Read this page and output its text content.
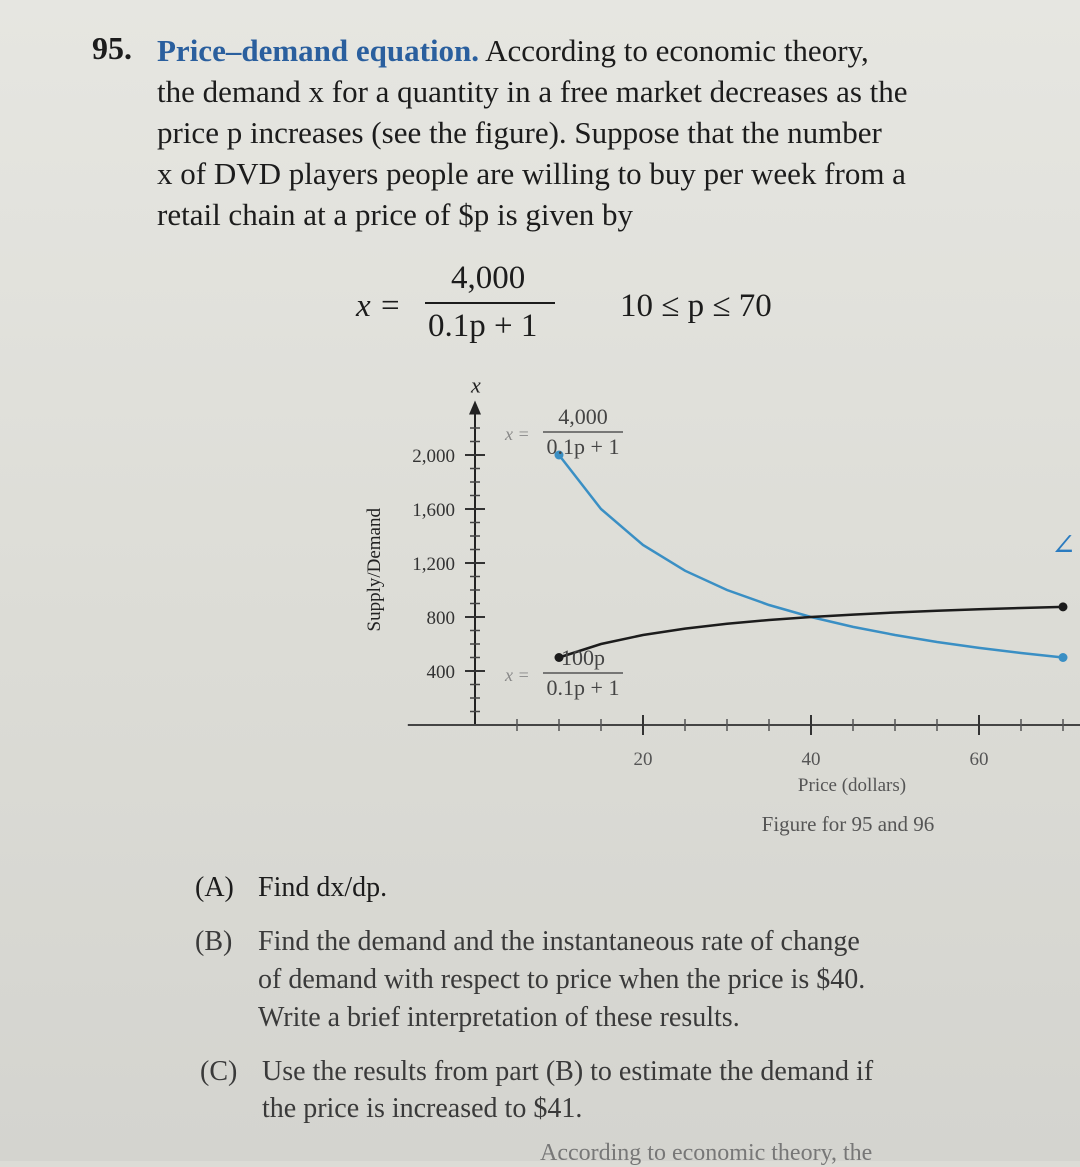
95. Price–demand equation. According to economic theory,
the demand x for a quantity in a free market decreases as the
price p increases (see the figure). Suppose that the number
x of DVD players people are willing to buy per week from a
retail chain at a price of $p is given by
x =
4,000
0.1p + 1
10 ≤ p ≤ 70
x
20	40	60
400
800
1,200
1,600
2,000
Price (dollars)
Supply/Demand
x =
4,000
0.1p + 1
x =
100p
0.1p + 1
Figure for 95 and 96
(A) Find dx/dp.
(B) Find the demand and the instantaneous rate of change
of demand with respect to price when the price is $40.
Write a brief interpretation of these results.
(C) Use the results from part (B) to estimate the demand if
the price is increased to $41.
According to economic theory, the
∠
